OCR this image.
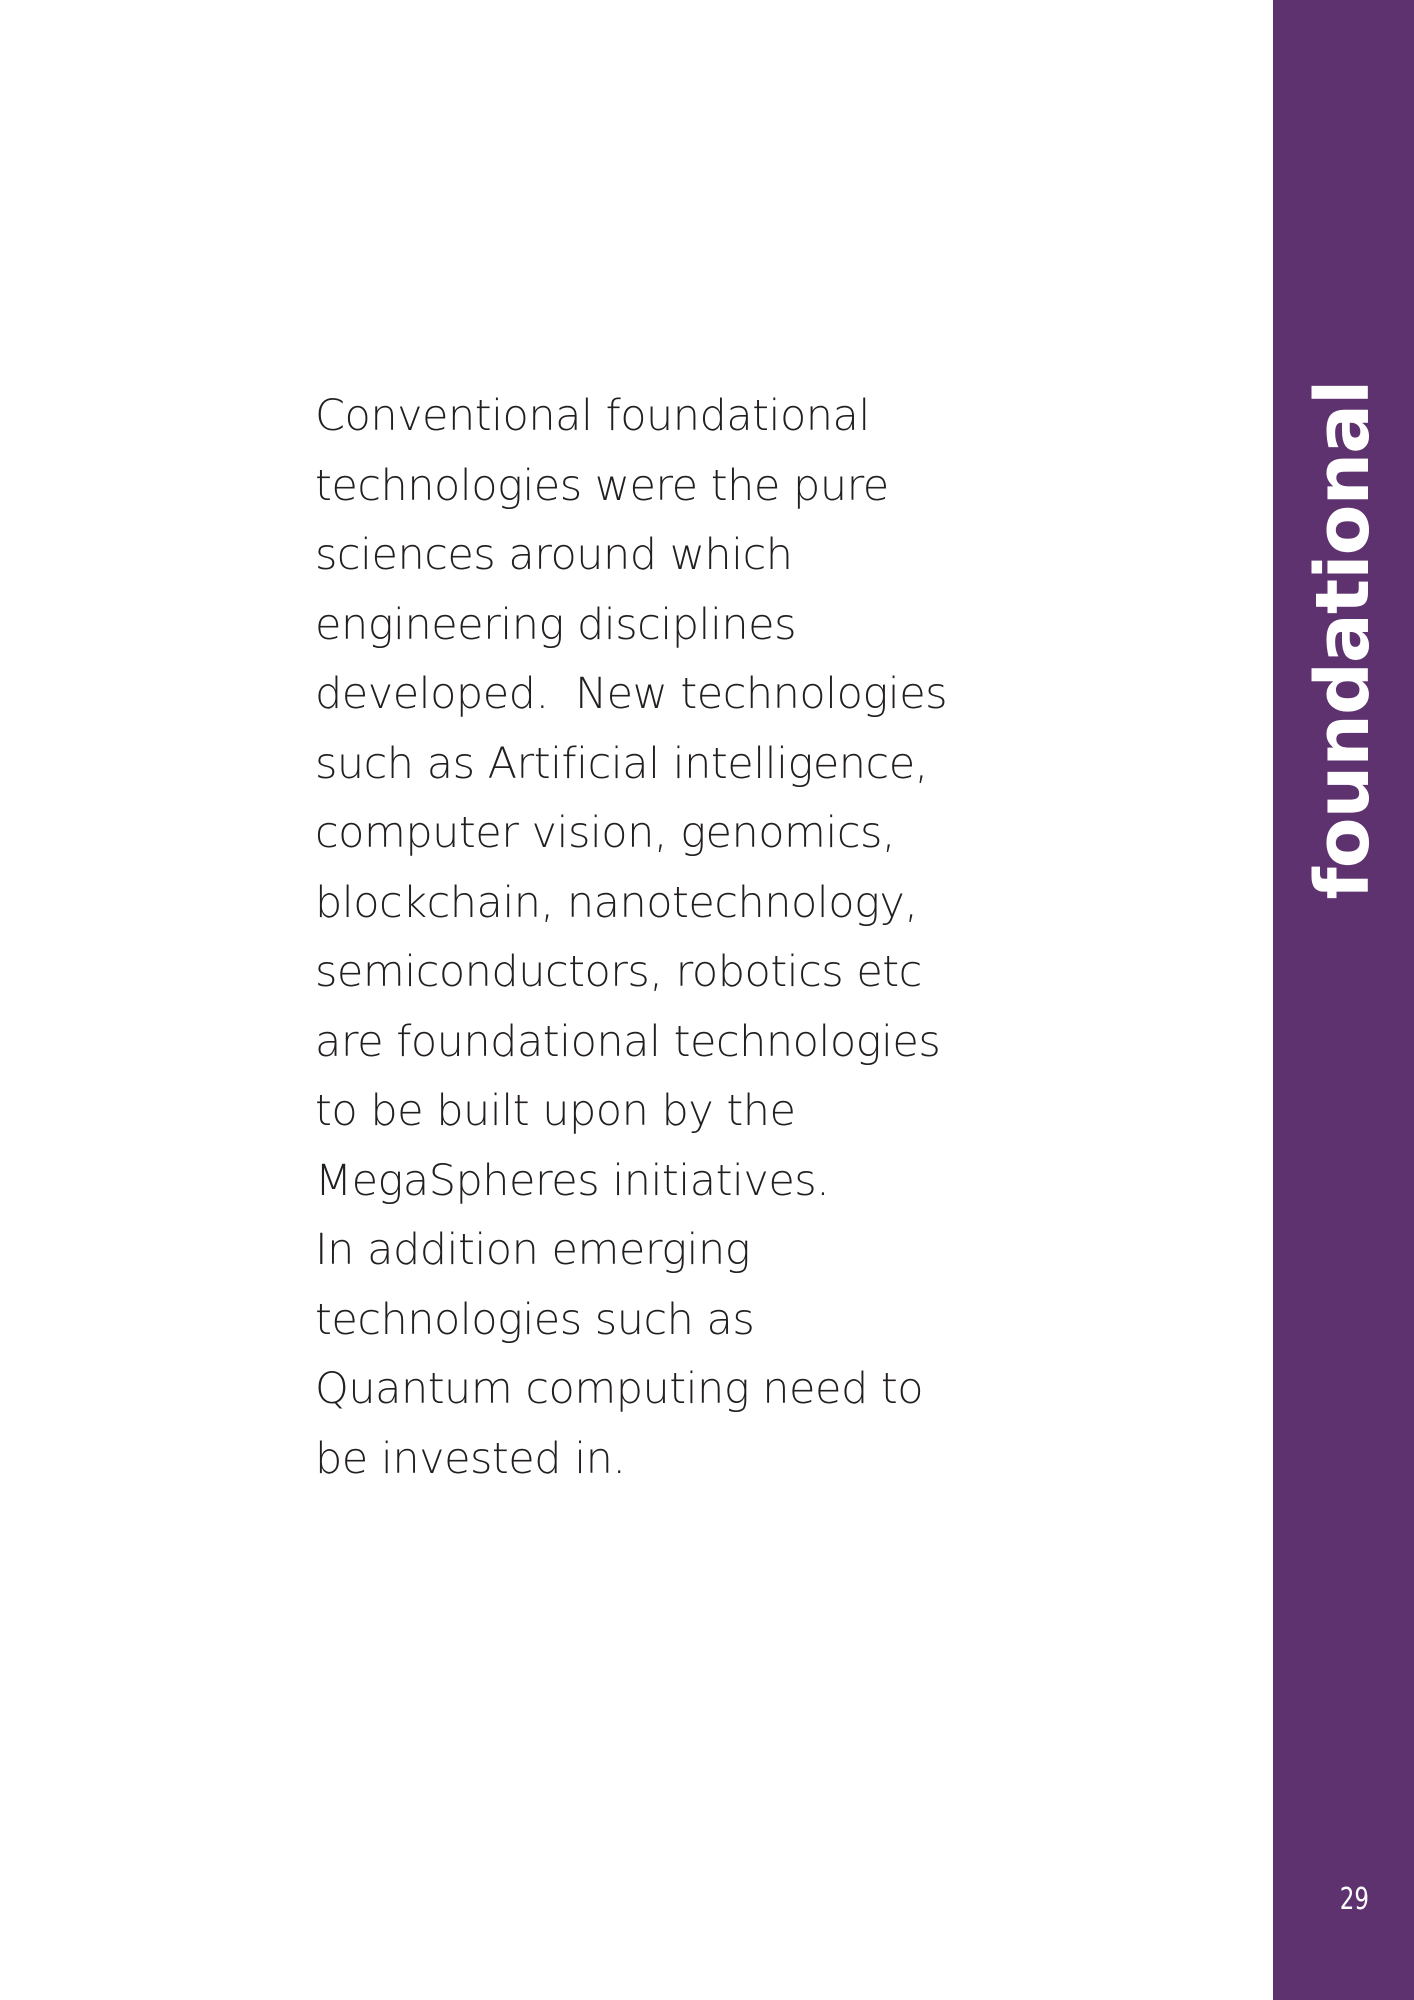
Conventional foundational
technologies were the pure
sciences around which
engineering disciplines
developed.  New technologies
such as Artificial intelligence,
computer vision, genomics,
blockchain, nanotechnology,
semiconductors, robotics etc
are foundational technologies
to be built upon by the
MegaSpheres initiatives.
In addition emerging
technologies such as
Quantum computing need to
be invested in.

foundational
29
